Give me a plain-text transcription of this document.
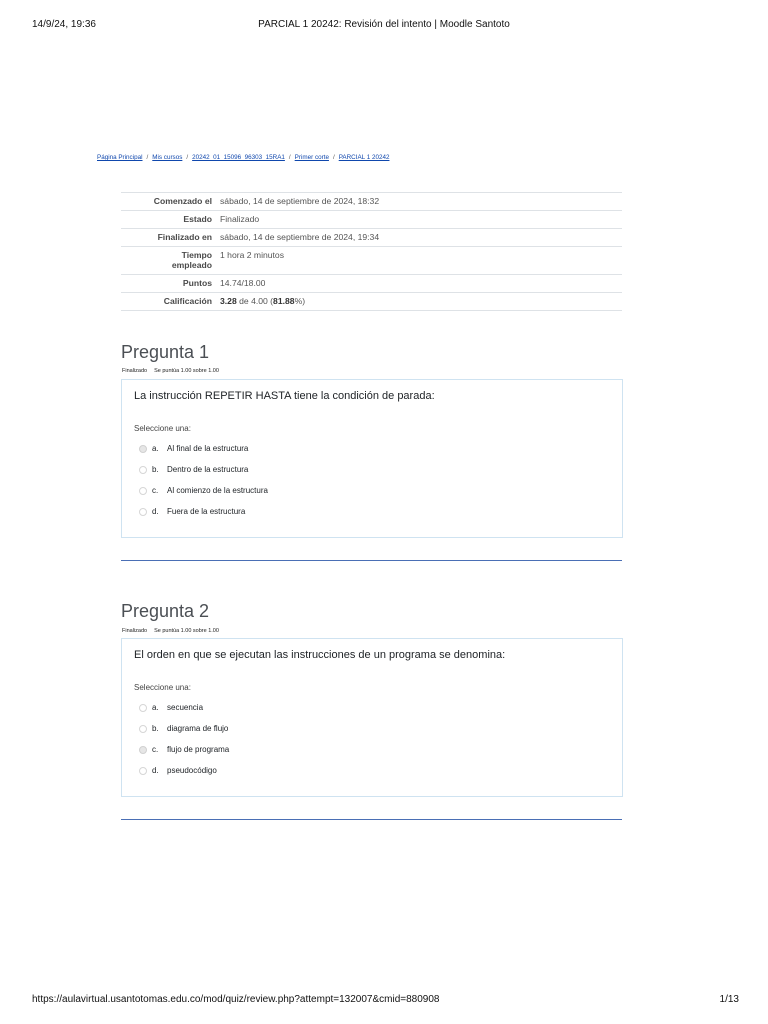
14/9/24, 19:36	PARCIAL 1 20242: Revisión del intento | Moodle Santoto
Página Principal / Mis cursos / 20242_01_15096_96303_15RA1 / Primer corte / PARCIAL 1 20242
Comenzado el	sábado, 14 de septiembre de 2024, 18:32
Estado	Finalizado
Finalizado en	sábado, 14 de septiembre de 2024, 19:34
Tiempo
empleado	1 hora 2 minutos
Puntos	14.74/18.00
Calificación	3.28 de 4.00 (81.88%)
Pregunta 1
Finalizado Se puntúa 1.00 sobre 1.00
La instrucción REPETIR HASTA tiene la condición de parada:
Seleccione una:
a. Al final de la estructura
b. Dentro de la estructura
c. Al comienzo de la estructura
d. Fuera de la estructura
Pregunta 2
Finalizado Se puntúa 1.00 sobre 1.00
El orden en que se ejecutan las instrucciones de un programa se denomina:
Seleccione una:
a. secuencia
b. diagrama de flujo
c. flujo de programa
d. pseudocódigo
https://aulavirtual.usantotomas.edu.co/mod/quiz/review.php?attempt=132007&cmid=880908	1/13
